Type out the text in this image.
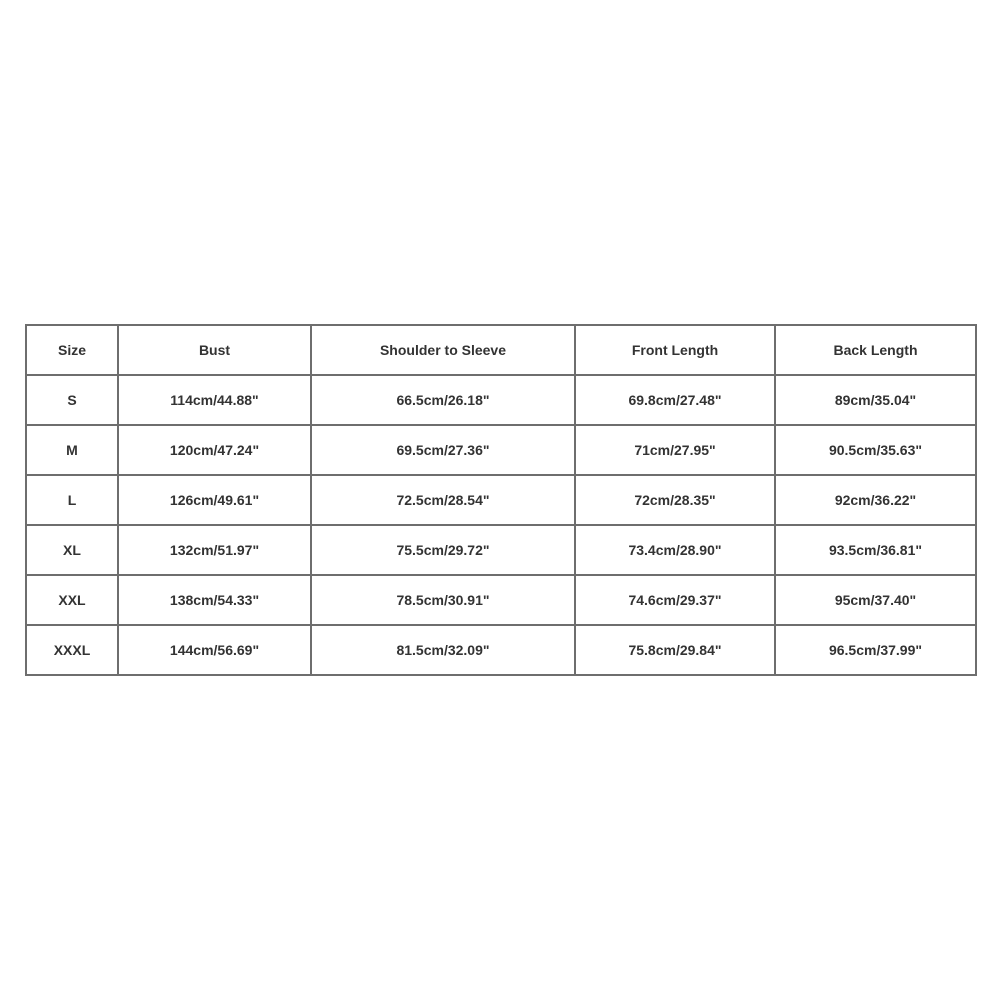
Size	Bust	Shoulder to Sleeve	Front Length	Back Length
S	114cm/44.88"	66.5cm/26.18"	69.8cm/27.48"	89cm/35.04"
M	120cm/47.24"	69.5cm/27.36"	71cm/27.95"	90.5cm/35.63"
L	126cm/49.61"	72.5cm/28.54"	72cm/28.35"	92cm/36.22"
XL	132cm/51.97"	75.5cm/29.72"	73.4cm/28.90"	93.5cm/36.81"
XXL	138cm/54.33"	78.5cm/30.91"	74.6cm/29.37"	95cm/37.40"
XXXL	144cm/56.69"	81.5cm/32.09"	75.8cm/29.84"	96.5cm/37.99"
